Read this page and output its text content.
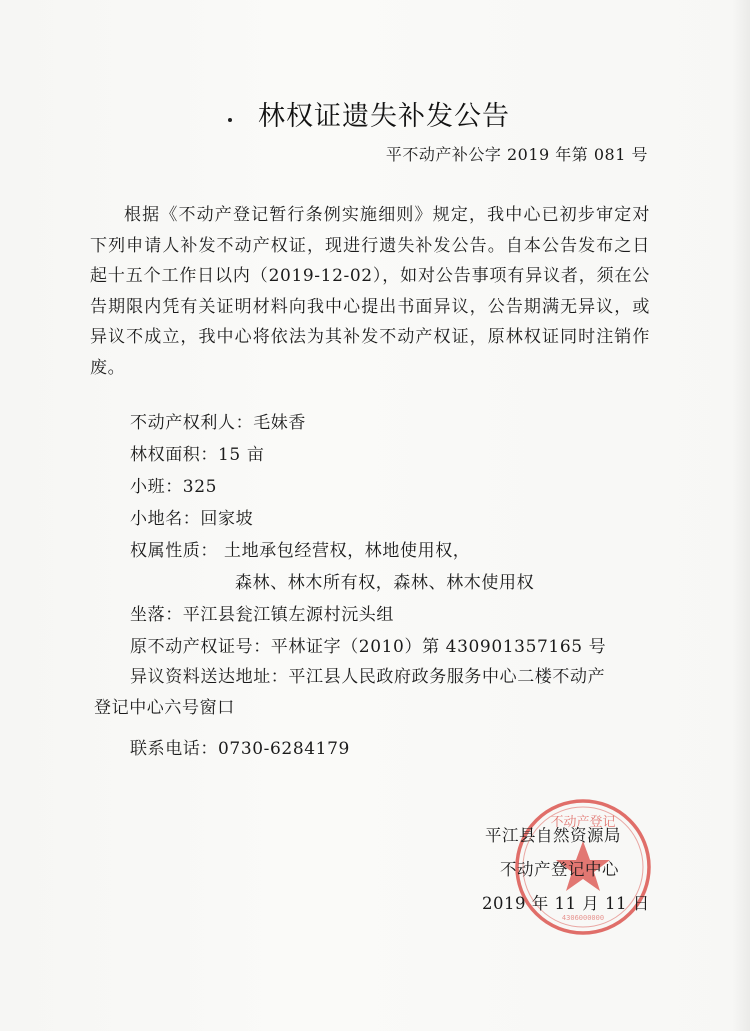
林权证遗失补发公告
平不动产补公字 2019 年第 081 号
根据《不动产登记暂行条例实施细则》规定，我中心已初步审定对下列申请人补发不动产权证，现进行遗失补发公告。自本公告发布之日起十五个工作日以内（2019-12-02），如对公告事项有异议者，须在公告期限内凭有关证明材料向我中心提出书面异议，公告期满无异议，或异议不成立，我中心将依法为其补发不动产权证，原林权证同时注销作废。
不动产权利人：毛妹香
林权面积：15 亩
小班：325
小地名：回家坡
权属性质： 土地承包经营权，林地使用权，
森林、林木所有权，森林、林木使用权
坐落：平江县瓮江镇左源村沅头组
原不动产权证号：平林证字（2010）第 430901357165 号
异议资料送达地址：平江县人民政府政务服务中心二楼不动产登记中心六号窗口
联系电话：0730-6284179
不动产登记
4306000000
平江县自然资源局
不动产登记中心
2019 年 11 月 11 日
